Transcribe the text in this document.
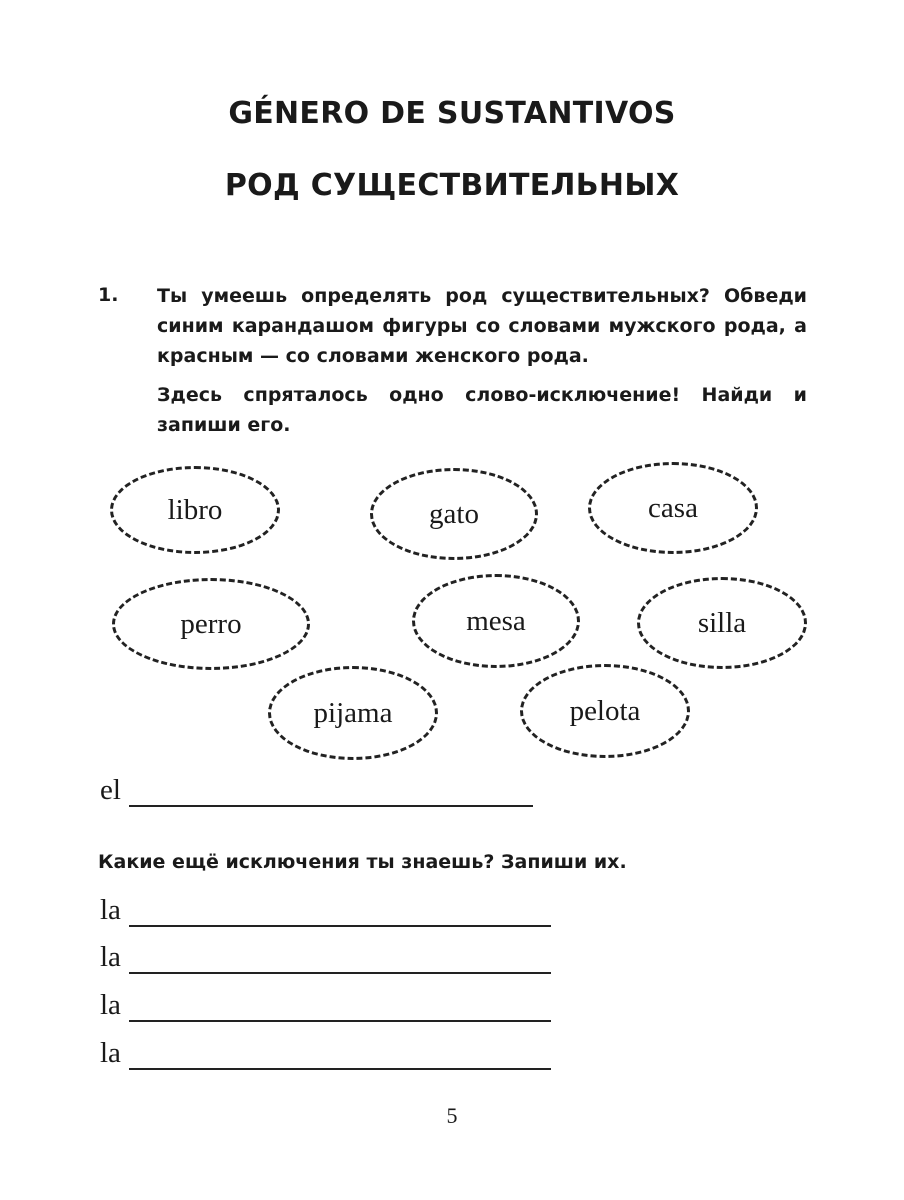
GÉNERO DE SUSTANTIVOS
РОД СУЩЕСТВИТЕЛЬНЫХ
1. Ты умеешь определять род существительных? Обведи синим карандашом фигуры со словами мужского рода, а красным — со словами женского рода.
Здесь спряталось одно слово-исключение! Найди и запиши его.
libro	gato	casa
perro	mesa	silla
pijama	pelota
el
Какие ещё исключения ты знаешь? Запиши их.
la
la
la
la
5
